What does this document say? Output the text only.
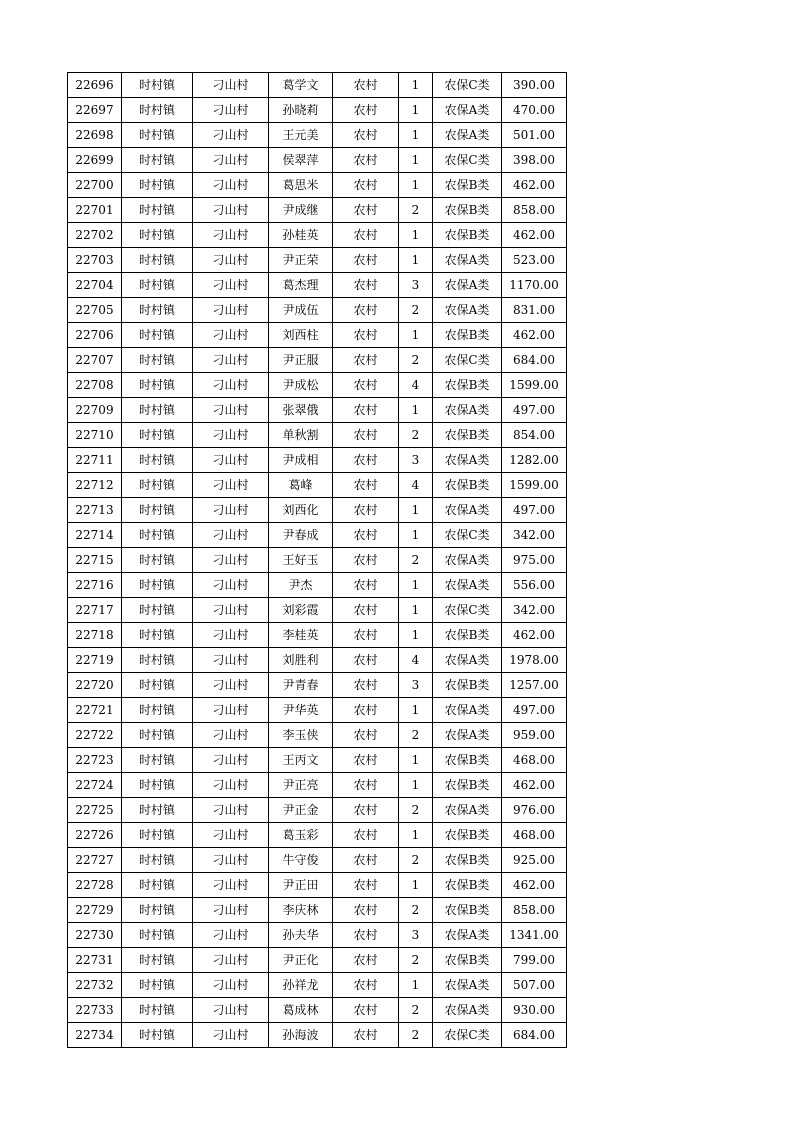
22696	时村镇	刁山村	葛学文	农村	1	农保C类	390.00
22697	时村镇	刁山村	孙晓莉	农村	1	农保A类	470.00
22698	时村镇	刁山村	王元美	农村	1	农保A类	501.00
22699	时村镇	刁山村	侯翠萍	农村	1	农保C类	398.00
22700	时村镇	刁山村	葛思米	农村	1	农保B类	462.00
22701	时村镇	刁山村	尹成继	农村	2	农保B类	858.00
22702	时村镇	刁山村	孙桂英	农村	1	农保B类	462.00
22703	时村镇	刁山村	尹正荣	农村	1	农保A类	523.00
22704	时村镇	刁山村	葛杰理	农村	3	农保A类	1170.00
22705	时村镇	刁山村	尹成伍	农村	2	农保A类	831.00
22706	时村镇	刁山村	刘西柱	农村	1	农保B类	462.00
22707	时村镇	刁山村	尹正服	农村	2	农保C类	684.00
22708	时村镇	刁山村	尹成松	农村	4	农保B类	1599.00
22709	时村镇	刁山村	张翠俄	农村	1	农保A类	497.00
22710	时村镇	刁山村	单秋割	农村	2	农保B类	854.00
22711	时村镇	刁山村	尹成相	农村	3	农保A类	1282.00
22712	时村镇	刁山村	葛峰	农村	4	农保B类	1599.00
22713	时村镇	刁山村	刘西化	农村	1	农保A类	497.00
22714	时村镇	刁山村	尹春成	农村	1	农保C类	342.00
22715	时村镇	刁山村	王好玉	农村	2	农保A类	975.00
22716	时村镇	刁山村	尹杰	农村	1	农保A类	556.00
22717	时村镇	刁山村	刘彩霞	农村	1	农保C类	342.00
22718	时村镇	刁山村	李桂英	农村	1	农保B类	462.00
22719	时村镇	刁山村	刘胜利	农村	4	农保A类	1978.00
22720	时村镇	刁山村	尹青春	农村	3	农保B类	1257.00
22721	时村镇	刁山村	尹华英	农村	1	农保A类	497.00
22722	时村镇	刁山村	李玉侠	农村	2	农保A类	959.00
22723	时村镇	刁山村	王丙文	农村	1	农保B类	468.00
22724	时村镇	刁山村	尹正亮	农村	1	农保B类	462.00
22725	时村镇	刁山村	尹正金	农村	2	农保A类	976.00
22726	时村镇	刁山村	葛玉彩	农村	1	农保B类	468.00
22727	时村镇	刁山村	牛守俊	农村	2	农保B类	925.00
22728	时村镇	刁山村	尹正田	农村	1	农保B类	462.00
22729	时村镇	刁山村	李庆林	农村	2	农保B类	858.00
22730	时村镇	刁山村	孙夫华	农村	3	农保A类	1341.00
22731	时村镇	刁山村	尹正化	农村	2	农保B类	799.00
22732	时村镇	刁山村	孙祥龙	农村	1	农保A类	507.00
22733	时村镇	刁山村	葛成林	农村	2	农保A类	930.00
22734	时村镇	刁山村	孙海波	农村	2	农保C类	684.00
